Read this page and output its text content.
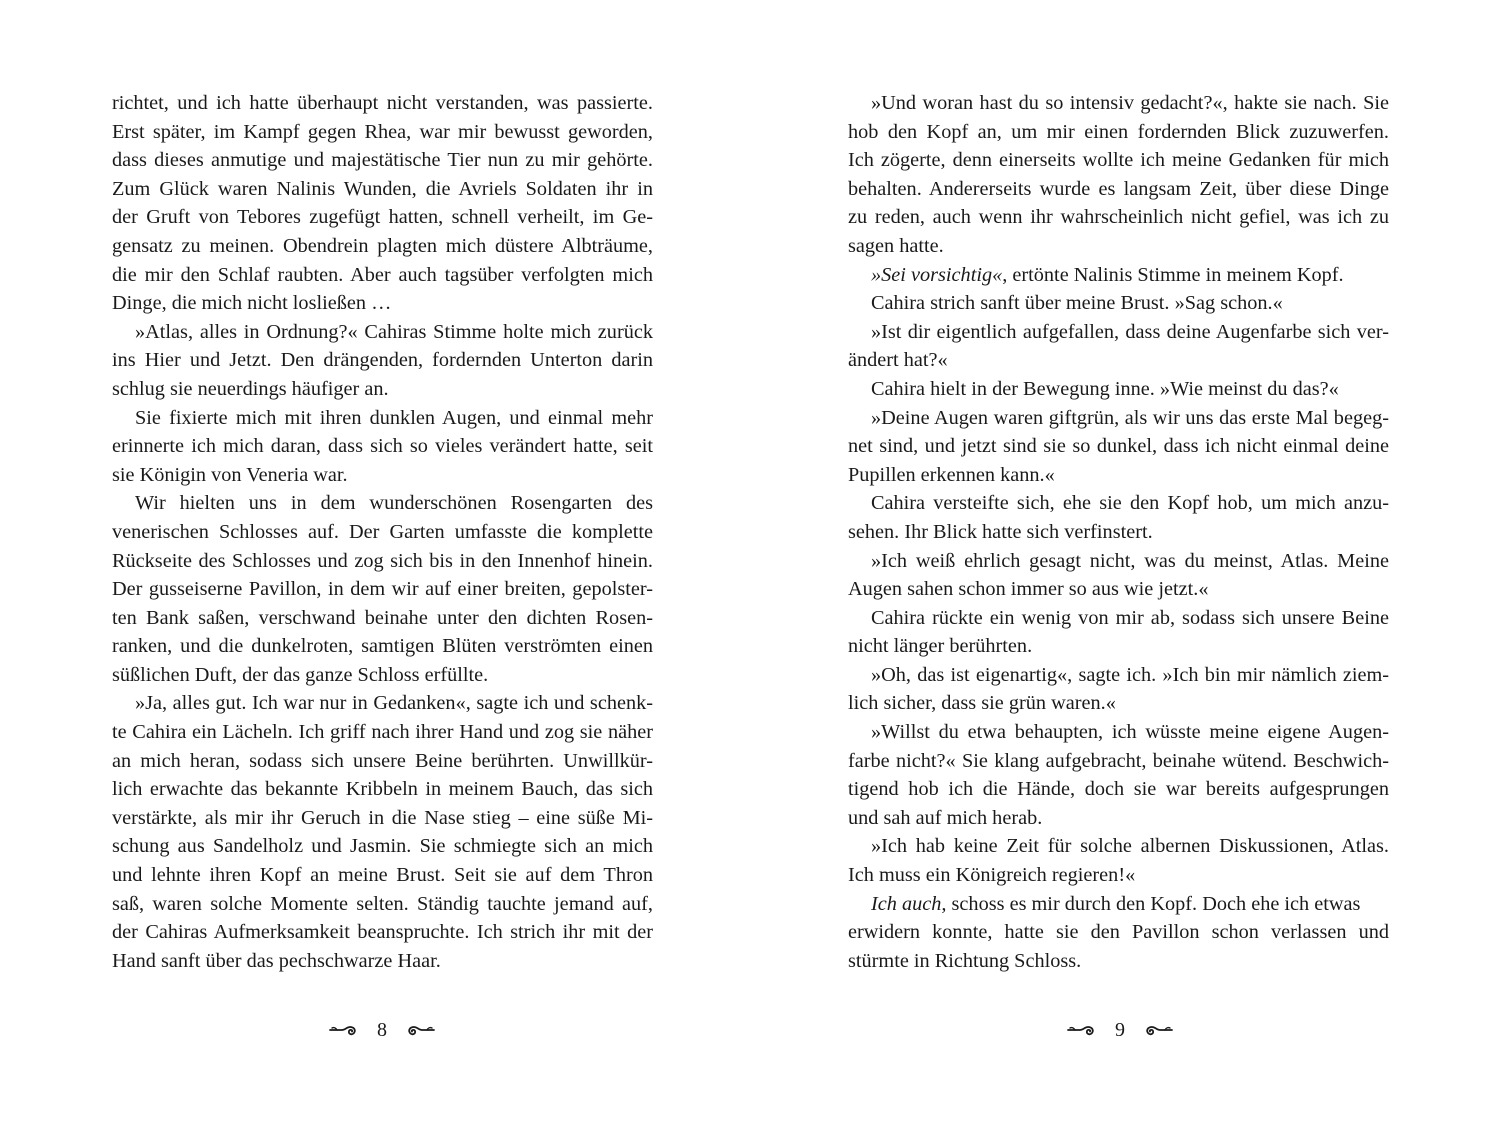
richtet, und ich hatte überhaupt nicht verstanden, was passierte.
Erst später, im Kampf gegen Rhea, war mir bewusst geworden,
dass dieses anmutige und majestätische Tier nun zu mir gehörte.
Zum Glück waren Nalinis Wunden, die Avriels Soldaten ihr in
der Gruft von Tebores zugefügt hatten, schnell verheilt, im Ge-
gensatz zu meinen. Obendrein plagten mich düstere Albträume,
die mir den Schlaf raubten. Aber auch tagsüber verfolgten mich
Dinge, die mich nicht losließen …
»Atlas, alles in Ordnung?« Cahiras Stimme holte mich zurück
ins Hier und Jetzt. Den drängenden, fordernden Unterton darin
schlug sie neuerdings häufiger an.
Sie fixierte mich mit ihren dunklen Augen, und einmal mehr
erinnerte ich mich daran, dass sich so vieles verändert hatte, seit
sie Königin von Veneria war.
Wir hielten uns in dem wunderschönen Rosengarten des
venerischen Schlosses auf. Der Garten umfasste die komplette
Rückseite des Schlosses und zog sich bis in den Innenhof hinein.
Der gusseiserne Pavillon, in dem wir auf einer breiten, gepolster-
ten Bank saßen, verschwand beinahe unter den dichten Rosen-
ranken, und die dunkelroten, samtigen Blüten verströmten einen
süßlichen Duft, der das ganze Schloss erfüllte.
»Ja, alles gut. Ich war nur in Gedanken«, sagte ich und schenk-
te Cahira ein Lächeln. Ich griff nach ihrer Hand und zog sie näher
an mich heran, sodass sich unsere Beine berührten. Unwillkür-
lich erwachte das bekannte Kribbeln in meinem Bauch, das sich
verstärkte, als mir ihr Geruch in die Nase stieg – eine süße Mi-
schung aus Sandelholz und Jasmin. Sie schmiegte sich an mich
und lehnte ihren Kopf an meine Brust. Seit sie auf dem Thron
saß, waren solche Momente selten. Ständig tauchte jemand auf,
der Cahiras Aufmerksamkeit beanspruchte. Ich strich ihr mit der
Hand sanft über das pechschwarze Haar.
8
»Und woran hast du so intensiv gedacht?«, hakte sie nach. Sie
hob den Kopf an, um mir einen fordernden Blick zuzuwerfen.
Ich zögerte, denn einerseits wollte ich meine Gedanken für mich
behalten. Andererseits wurde es langsam Zeit, über diese Dinge
zu reden, auch wenn ihr wahrscheinlich nicht gefiel, was ich zu
sagen hatte.
»Sei vorsichtig«, ertönte Nalinis Stimme in meinem Kopf.
Cahira strich sanft über meine Brust. »Sag schon.«
»Ist dir eigentlich aufgefallen, dass deine Augenfarbe sich ver-
ändert hat?«
Cahira hielt in der Bewegung inne. »Wie meinst du das?«
»Deine Augen waren giftgrün, als wir uns das erste Mal begeg-
net sind, und jetzt sind sie so dunkel, dass ich nicht einmal deine
Pupillen erkennen kann.«
Cahira versteifte sich, ehe sie den Kopf hob, um mich anzu-
sehen. Ihr Blick hatte sich verfinstert.
»Ich weiß ehrlich gesagt nicht, was du meinst, Atlas. Meine
Augen sahen schon immer so aus wie jetzt.«
Cahira rückte ein wenig von mir ab, sodass sich unsere Beine
nicht länger berührten.
»Oh, das ist eigenartig«, sagte ich. »Ich bin mir nämlich ziem-
lich sicher, dass sie grün waren.«
»Willst du etwa behaupten, ich wüsste meine eigene Augen-
farbe nicht?« Sie klang aufgebracht, beinahe wütend. Beschwich-
tigend hob ich die Hände, doch sie war bereits aufgesprungen
und sah auf mich herab.
»Ich hab keine Zeit für solche albernen Diskussionen, Atlas.
Ich muss ein Königreich regieren!«
Ich auch, schoss es mir durch den Kopf. Doch ehe ich etwas
erwidern konnte, hatte sie den Pavillon schon verlassen und
stürmte in Richtung Schloss.
9
